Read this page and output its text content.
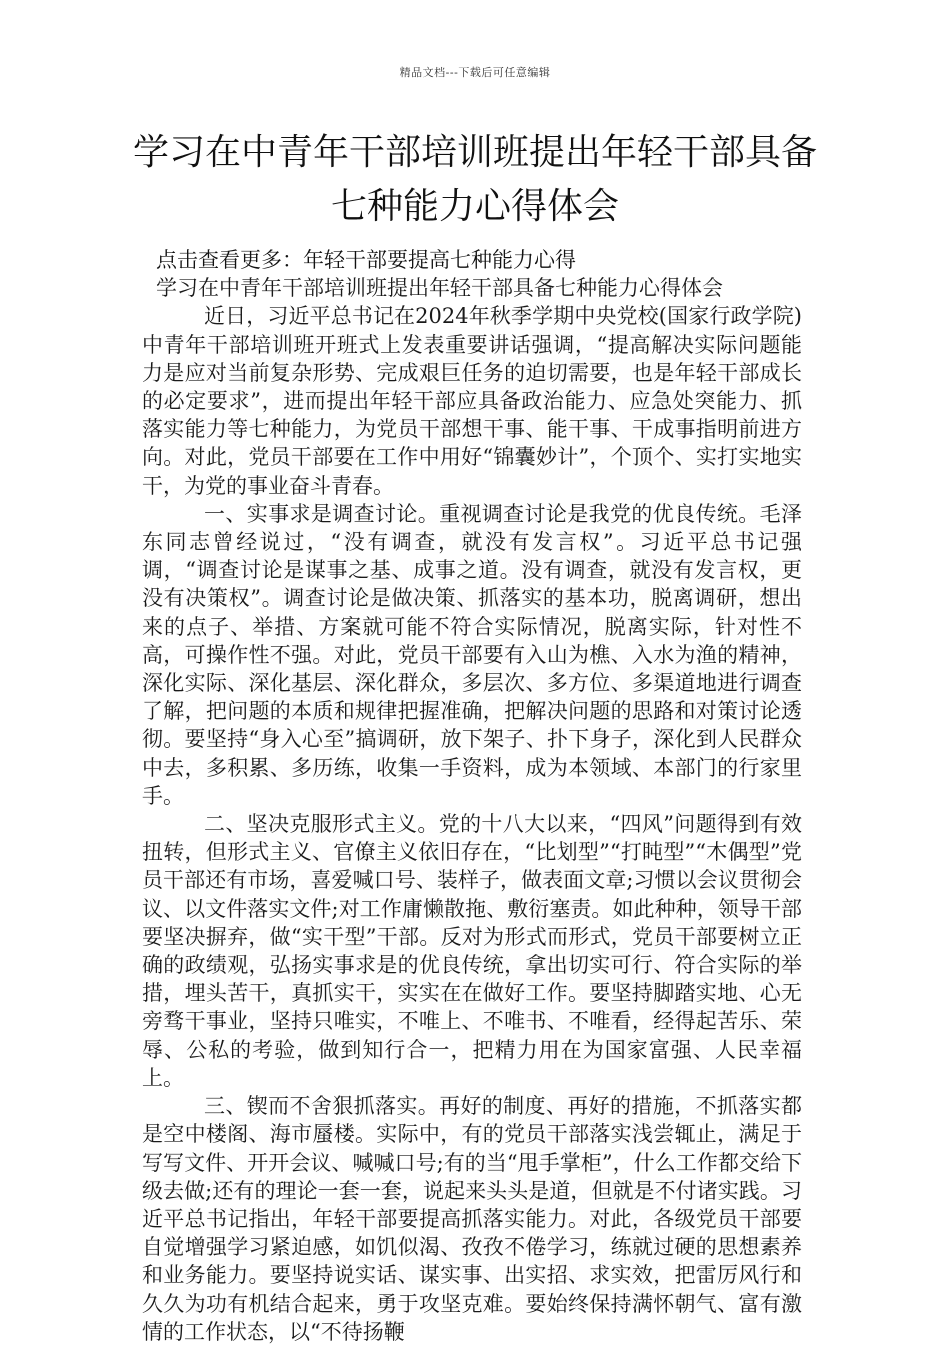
精品文档---下载后可任意编辑
学习在中青年干部培训班提出年轻干部具备七种能力心得体会

点击查看更多：年轻干部要提高七种能力心得

学习在中青年干部培训班提出年轻干部具备七种能力心得体会

近日，习近平总书记在2024年秋季学期中央党校(国家行政学院)中青年干部培训班开班式上发表重要讲话强调，“提高解决实际问题能力是应对当前复杂形势、完成艰巨任务的迫切需要，也是年轻干部成长的必定要求”，进而提出年轻干部应具备政治能力、应急处突能力、抓落实能力等七种能力，为党员干部想干事、能干事、干成事指明前进方向。对此，党员干部要在工作中用好“锦囊妙计”，个顶个、实打实地实干，为党的事业奋斗青春。

一、实事求是调查讨论。重视调查讨论是我党的优良传统。毛泽东同志曾经说过，“没有调查，就没有发言权”。习近平总书记强调，“调查讨论是谋事之基、成事之道。没有调查，就没有发言权，更没有决策权”。调查讨论是做决策、抓落实的基本功，脱离调研，想出来的点子、举措、方案就可能不符合实际情况，脱离实际，针对性不高，可操作性不强。对此，党员干部要有入山为樵、入水为渔的精神，深化实际、深化基层、深化群众，多层次、多方位、多渠道地进行调查了解，把问题的本质和规律把握准确，把解决问题的思路和对策讨论透彻。要坚持“身入心至”搞调研，放下架子、扑下身子，深化到人民群众中去，多积累、多历练，收集一手资料，成为本领域、本部门的行家里手。

二、坚决克服形式主义。党的十八大以来，“四风”问题得到有效扭转，但形式主义、官僚主义依旧存在，“比划型”“打盹型”“木偶型”党员干部还有市场，喜爱喊口号、装样子，做表面文章;习惯以会议贯彻会议、以文件落实文件;对工作庸懒散拖、敷衍塞责。如此种种，领导干部要坚决摒弃，做“实干型”干部。反对为形式而形式，党员干部要树立正确的政绩观，弘扬实事求是的优良传统，拿出切实可行、符合实际的举措，埋头苦干，真抓实干，实实在在做好工作。要坚持脚踏实地、心无旁骛干事业，坚持只唯实，不唯上、不唯书、不唯看，经得起苦乐、荣辱、公私的考验，做到知行合一，把精力用在为国家富强、人民幸福上。

三、锲而不舍狠抓落实。再好的制度、再好的措施，不抓落实都是空中楼阁、海市蜃楼。实际中，有的党员干部落实浅尝辄止，满足于写写文件、开开会议、喊喊口号;有的当“甩手掌柜”，什么工作都交给下级去做;还有的理论一套一套，说起来头头是道，但就是不付诸实践。习近平总书记指出，年轻干部要提高抓落实能力。对此，各级党员干部要自觉增强学习紧迫感，如饥似渴、孜孜不倦学习，练就过硬的思想素养和业务能力。要坚持说实话、谋实事、出实招、求实效，把雷厉风行和久久为功有机结合起来，勇于攻坚克难。要始终保持满怀朝气、富有激情的工作状态，以“不待扬鞭
